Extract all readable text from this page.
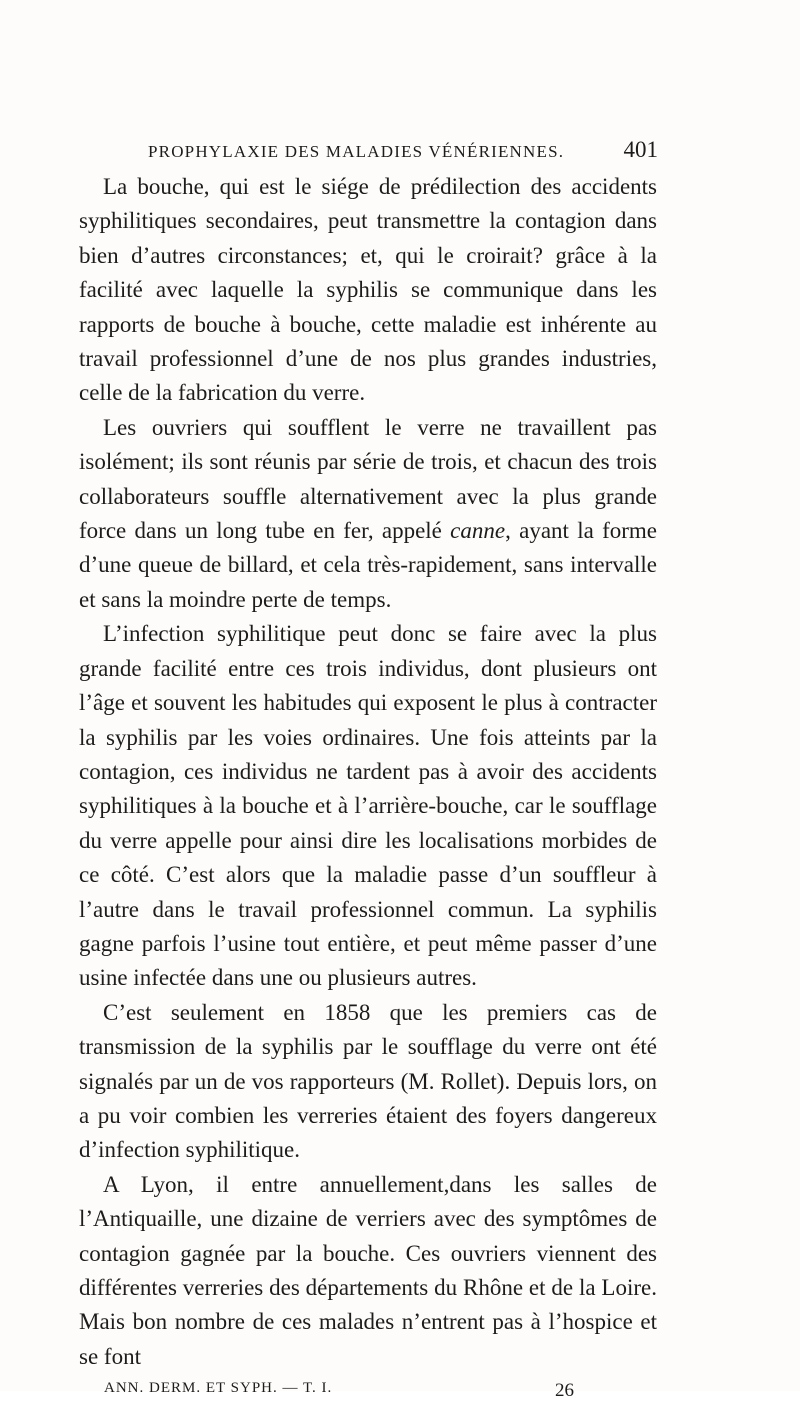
PROPHYLAXIE DES MALADIES VÉNÉRIENNES.	401

La bouche, qui est le siége de prédilection des accidents syphilitiques secondaires, peut transmettre la contagion dans bien d’autres circonstances; et, qui le croirait? grâce à la facilité avec laquelle la syphilis se communique dans les rapports de bouche à bouche, cette maladie est inhérente au travail professionnel d’une de nos plus grandes industries, celle de la fabrication du verre.

Les ouvriers qui soufflent le verre ne travaillent pas isolément; ils sont réunis par série de trois, et chacun des trois collaborateurs souffle alternativement avec la plus grande force dans un long tube en fer, appelé canne, ayant la forme d’une queue de billard, et cela très-rapidement, sans intervalle et sans la moindre perte de temps.

L’infection syphilitique peut donc se faire avec la plus grande facilité entre ces trois individus, dont plusieurs ont l’âge et souvent les habitudes qui exposent le plus à contracter la syphilis par les voies ordinaires. Une fois atteints par la contagion, ces individus ne tardent pas à avoir des accidents syphilitiques à la bouche et à l’arrière-bouche, car le soufflage du verre appelle pour ainsi dire les localisations morbides de ce côté. C’est alors que la maladie passe d’un souffleur à l’autre dans le travail professionnel commun. La syphilis gagne parfois l’usine tout entière, et peut même passer d’une usine infectée dans une ou plusieurs autres.

C’est seulement en 1858 que les premiers cas de transmission de la syphilis par le soufflage du verre ont été signalés par un de vos rapporteurs (M. Rollet). Depuis lors, on a pu voir combien les verreries étaient des foyers dangereux d’infection syphilitique.

A Lyon, il entre annuellement,dans les salles de l’Antiquaille, une dizaine de verriers avec des symptômes de contagion gagnée par la bouche. Ces ouvriers viennent des différentes verreries des départements du Rhône et de la Loire. Mais bon nombre de ces malades n’entrent pas à l’hospice et se font

ANN. DERM. ET SYPH. — T. I.	26
